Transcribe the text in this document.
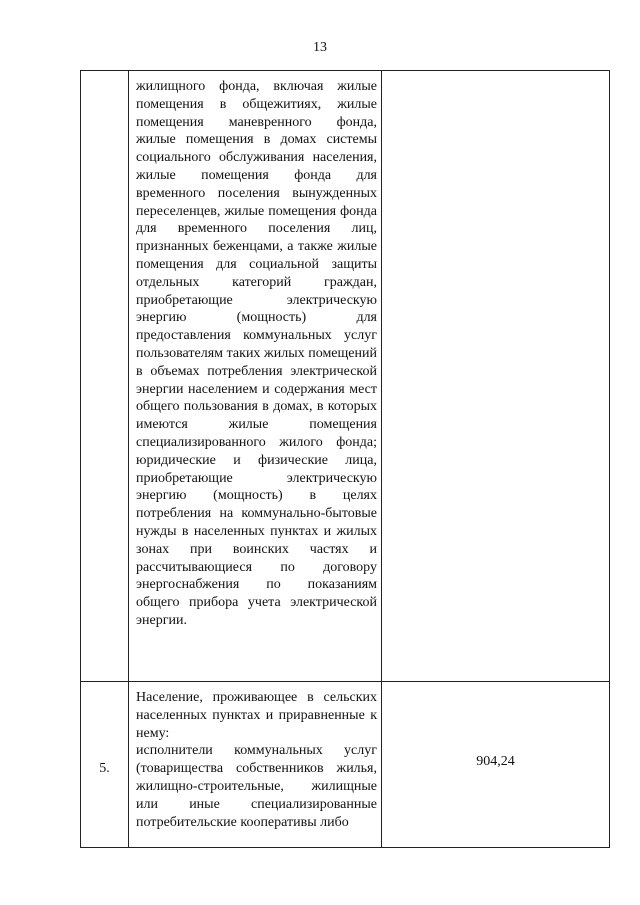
13

	жилищного фонда, включая жилые помещения в общежитиях, жилые помещения маневренного фонда, жилые помещения в домах системы социального обслуживания населения, жилые помещения фонда для временного поселения вынужденных переселенцев, жилые помещения фонда для временного поселения лиц, признанных беженцами, а также жилые помещения для социальной защиты отдельных категорий граждан, приобретающие электрическую энергию (мощность) для предоставления коммунальных услуг пользователям таких жилых помещений в объемах потребления электрической энергии населением и содержания мест общего пользования в домах, в которых имеются жилые помещения специализированного жилого фонда; юридические и физические лица, приобретающие электрическую энергию (мощность) в целях потребления на коммунально-бытовые нужды в населенных пунктах и жилых зонах при воинских частях и рассчитывающиеся по договору энергоснабжения по показаниям общего прибора учета электрической энергии.	

5.	Население, проживающее в сельских населенных пунктах и приравненные к нему:
исполнители коммунальных услуг (товарищества собственников жилья, жилищно-строительные, жилищные или иные специализированные потребительские кооперативы либо	904,24
